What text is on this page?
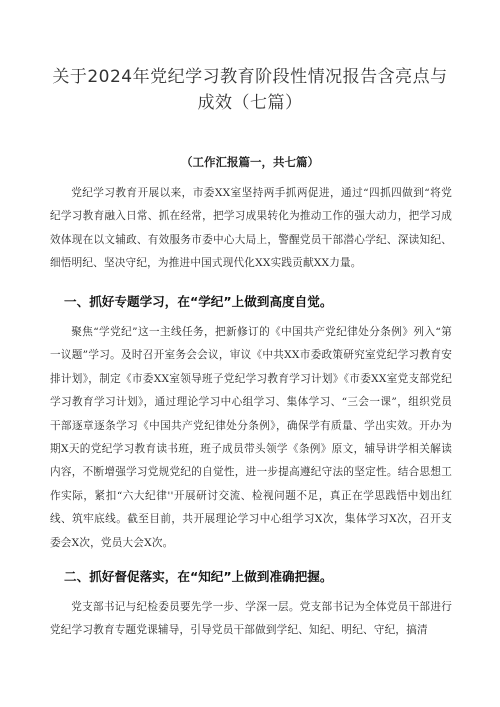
关于2024年党纪学习教育阶段性情况报告含亮点与
成效（七篇）
（工作汇报篇一，共七篇）

党纪学习教育开展以来，市委XX室坚持两手抓两促进，通过“四抓四做到“将党纪学习教育融入日常、抓在经常，把学习成果转化为推动工作的强大动力，把学习成效体现在以文辅政、有效服务市委中心大局上，警醒党员干部潜心学纪、深读知纪、细悟明纪、坚决守纪，为推进中国式现代化XX实践贡献XX力量。

一、抓好专题学习，在“学纪”上做到高度自觉。

聚焦“学党纪”这一主线任务，把新修订的《中国共产党纪律处分条例》列入“第一议题”学习。及时召开室务会会议，审议《中共XX市委政策研究室党纪学习教育安排计划》，制定《市委XX室领导班子党纪学习教育学习计划》《市委XX室党支部党纪学习教育学习计划》，通过理论学习中心组学习、集体学习、“三会一课”，组织党员干部逐章逐条学习《中国共产党纪律处分条例》，确保学有质量、学出实效。开办为期X天的党纪学习教育读书班，班子成员带头领学《条例》原文，辅导讲学相关解读内容，不断增强学习党规党纪的自觉性，进一步提高遵纪守法的坚定性。结合思想工作实际，紧扣“六大纪律''开展研讨交流、检视问题不足，真正在学思践悟中划出红线、筑牢底线。截至目前，共开展理论学习中心组学习X次，集体学习X次，召开支委会X次，党员大会X次。

二、抓好督促落实，在“知纪”上做到准确把握。

党支部书记与纪检委员要先学一步、学深一层。党支部书记为全体党员干部进行党纪学习教育专题党课辅导，引导党员干部做到学纪、知纪、明纪、守纪，搞清
